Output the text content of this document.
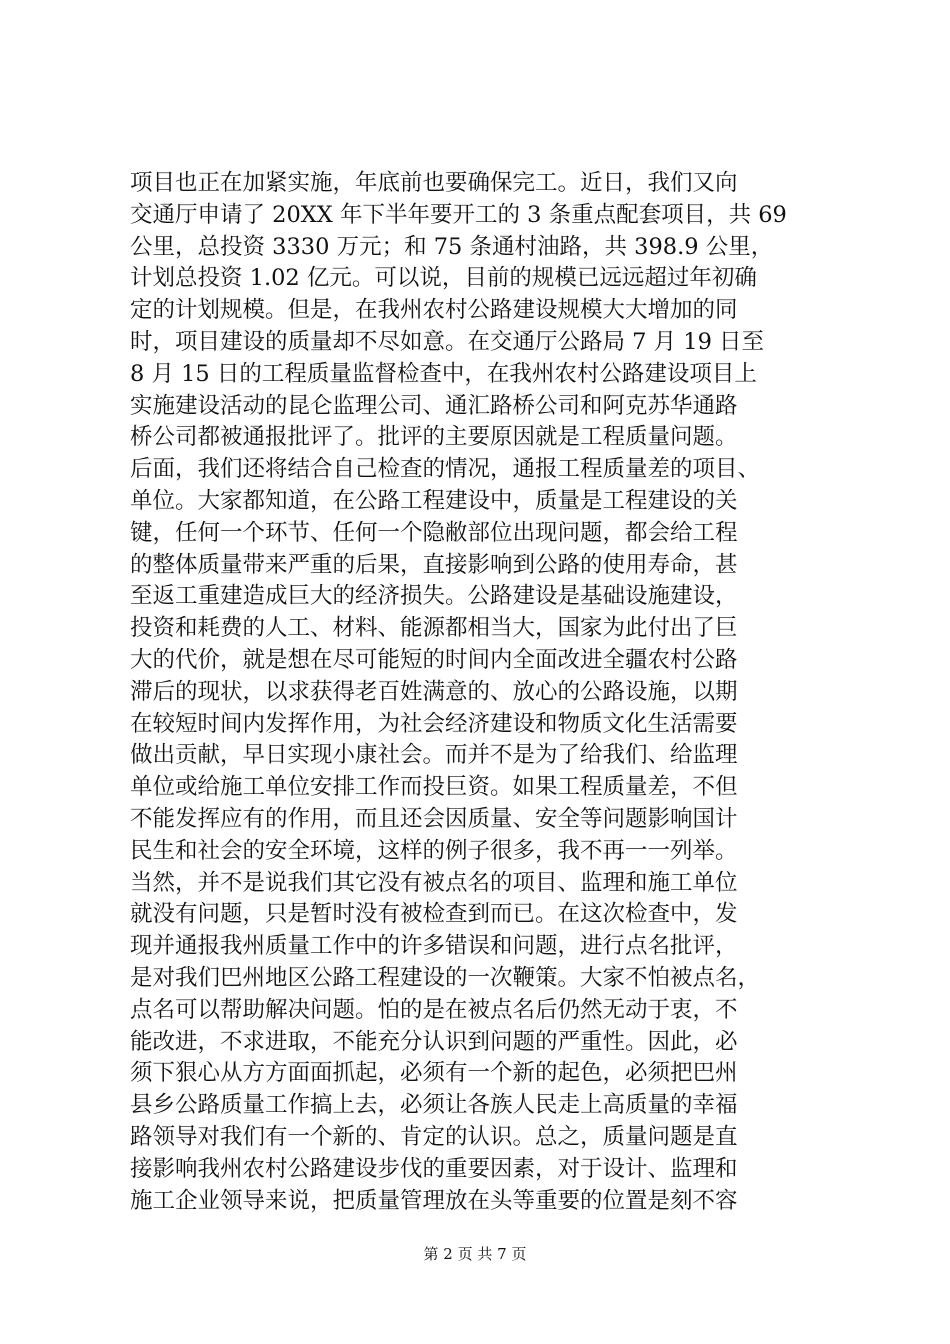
项目也正在加紧实施，年底前也要确保完工。近日，我们又向
交通厅申请了 20XX 年下半年要开工的 3 条重点配套项目，共 69
公里，总投资 3330 万元；和 75 条通村油路，共 398.9 公里，
计划总投资 1.02 亿元。可以说，目前的规模已远远超过年初确
定的计划规模。但是，在我州农村公路建设规模大大增加的同
时，项目建设的质量却不尽如意。在交通厅公路局 7 月 19 日至
8 月 15 日的工程质量监督检查中，在我州农村公路建设项目上
实施建设活动的昆仑监理公司、通汇路桥公司和阿克苏华通路
桥公司都被通报批评了。批评的主要原因就是工程质量问题。
后面，我们还将结合自己检查的情况，通报工程质量差的项目、
单位。大家都知道，在公路工程建设中，质量是工程建设的关
键，任何一个环节、任何一个隐敝部位出现问题，都会给工程
的整体质量带来严重的后果，直接影响到公路的使用寿命，甚
至返工重建造成巨大的经济损失。公路建设是基础设施建设，
投资和耗费的人工、材料、能源都相当大，国家为此付出了巨
大的代价，就是想在尽可能短的时间内全面改进全疆农村公路
滞后的现状，以求获得老百姓满意的、放心的公路设施，以期
在较短时间内发挥作用，为社会经济建设和物质文化生活需要
做出贡献，早日实现小康社会。而并不是为了给我们、给监理
单位或给施工单位安排工作而投巨资。如果工程质量差，不但
不能发挥应有的作用，而且还会因质量、安全等问题影响国计
民生和社会的安全环境，这样的例子很多，我不再一一列举。
当然，并不是说我们其它没有被点名的项目、监理和施工单位
就没有问题，只是暂时没有被检查到而已。在这次检查中，发
现并通报我州质量工作中的许多错误和问题，进行点名批评，
是对我们巴州地区公路工程建设的一次鞭策。大家不怕被点名，
点名可以帮助解决问题。怕的是在被点名后仍然无动于衷，不
能改进，不求进取，不能充分认识到问题的严重性。因此，必
须下狠心从方方面面抓起，必须有一个新的起色，必须把巴州
县乡公路质量工作搞上去，必须让各族人民走上高质量的幸福
路领导对我们有一个新的、肯定的认识。总之，质量问题是直
接影响我州农村公路建设步伐的重要因素，对于设计、监理和
施工企业领导来说，把质量管理放在头等重要的位置是刻不容
第 2 页 共 7 页
